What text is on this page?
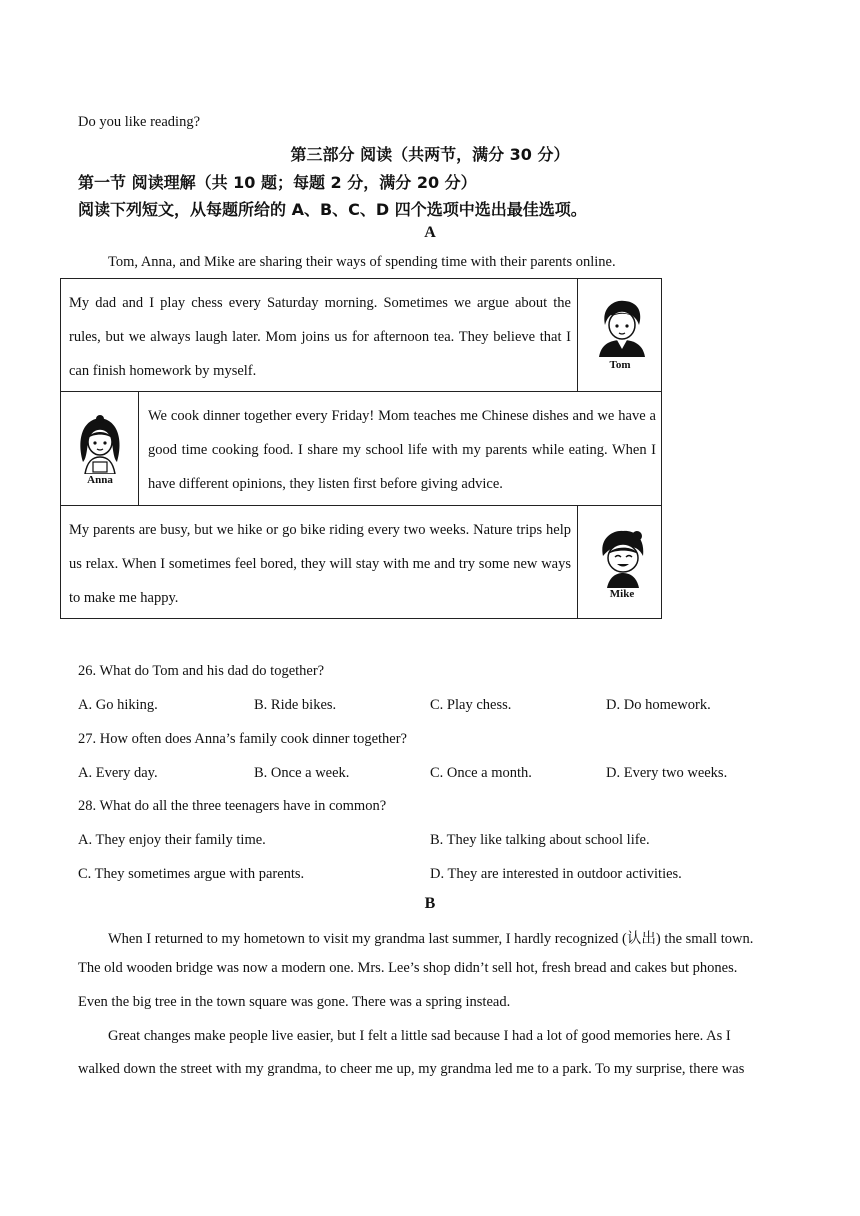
Do you like reading?
第三部分 阅读（共两节，满分 30 分）
第一节 阅读理解（共 10 题；每题 2 分，满分 20 分）
阅读下列短文，从每题所给的 A、B、C、D 四个选项中选出最佳选项。
A
Tom, Anna, and Mike are sharing their ways of spending time with their parents online.
My dad and I play chess every Saturday morning. Sometimes we argue about the rules, but we always laugh later. Mom joins us for afternoon tea. They believe that I can finish homework by myself.	Tom
Anna
We cook dinner together every Friday! Mom teaches me Chinese dishes and we have a good time cooking food. I share my school life with my parents while eating. When I have different opinions, they listen first before giving advice.
My parents are busy, but we hike or go bike riding every two weeks. Nature trips help us relax. When I sometimes feel bored, they will stay with me and try some new ways to make me happy.	Mike
26. What do Tom and his dad do together?
A. Go hiking.	B. Ride bikes.	C. Play chess.	D. Do homework.
27. How often does Anna’s family cook dinner together?
A. Every day.	B. Once a week.	C. Once a month.	D. Every two weeks.
28. What do all the three teenagers have in common?
A. They enjoy their family time.	B. They like talking about school life.
C. They sometimes argue with parents.	D. They are interested in outdoor activities.
B
When I returned to my hometown to visit my grandma last summer, I hardly recognized (认出) the small town.
The old wooden bridge was now a modern one. Mrs. Lee’s shop didn’t sell hot, fresh bread and cakes but phones.
Even the big tree in the town square was gone. There was a spring instead.
Great changes make people live easier, but I felt a little sad because I had a lot of good memories here. As I
walked down the street with my grandma, to cheer me up, my grandma led me to a park. To my surprise, there was
